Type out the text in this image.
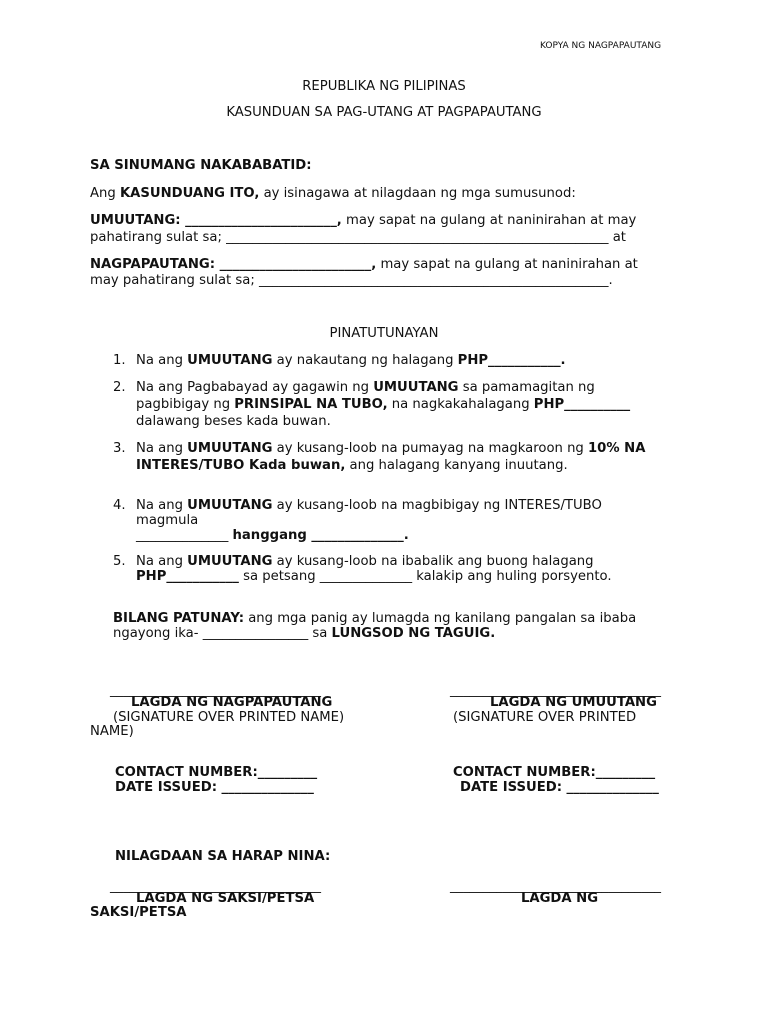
KOPYA NG NAGPAPAUTANG
REPUBLIKA NG PILIPINAS
KASUNDUAN SA PAG-UTANG AT PAGPAPAUTANG
SA SINUMANG NAKABABATID:
Ang KASUNDUANG ITO, ay isinagawa at nilagdaan ng mga sumusunod:
UMUUTANG: _______________________, may sapat na gulang at naninirahan at may
pahatirang sulat sa; __________________________________________________________ at
NAGPAPAUTANG: _______________________, may sapat na gulang at naninirahan at
may pahatirang sulat sa; _____________________________________________________.
PINATUTUNAYAN
1. Na ang UMUUTANG ay nakautang ng halagang PHP___________.
2. Na ang Pagbabayad ay gagawin ng UMUUTANG sa pamamagitan ng
pagbibigay ng PRINSIPAL NA TUBO, na nagkakahalagang PHP__________
dalawang beses kada buwan.
3. Na ang UMUUTANG ay kusang-loob na pumayag na magkaroon ng 10% NA
INTERES/TUBO Kada buwan, ang halagang kanyang inuutang.
4. Na ang UMUUTANG ay kusang-loob na magbibigay ng INTERES/TUBO
magmula
______________ hanggang ______________.
5. Na ang UMUUTANG ay kusang-loob na ibabalik ang buong halagang
PHP___________ sa petsang ______________ kalakip ang huling porsyento.
BILANG PATUNAY: ang mga panig ay lumagda ng kanilang pangalan sa ibaba
ngayong ika- ________________ sa LUNGSOD NG TAGUIG.
________________________________	________________________________
LAGDA NG NAGPAPAUTANG	LAGDA NG UMUUTANG
(SIGNATURE OVER PRINTED NAME)	(SIGNATURE OVER PRINTED
NAME)
CONTACT NUMBER:_________
DATE ISSUED: ______________
CONTACT NUMBER:_________
DATE ISSUED: ______________
NILAGDAAN SA HARAP NINA:
________________________________	________________________________
LAGDA NG SAKSI/PETSA	LAGDA NG
SAKSI/PETSA
